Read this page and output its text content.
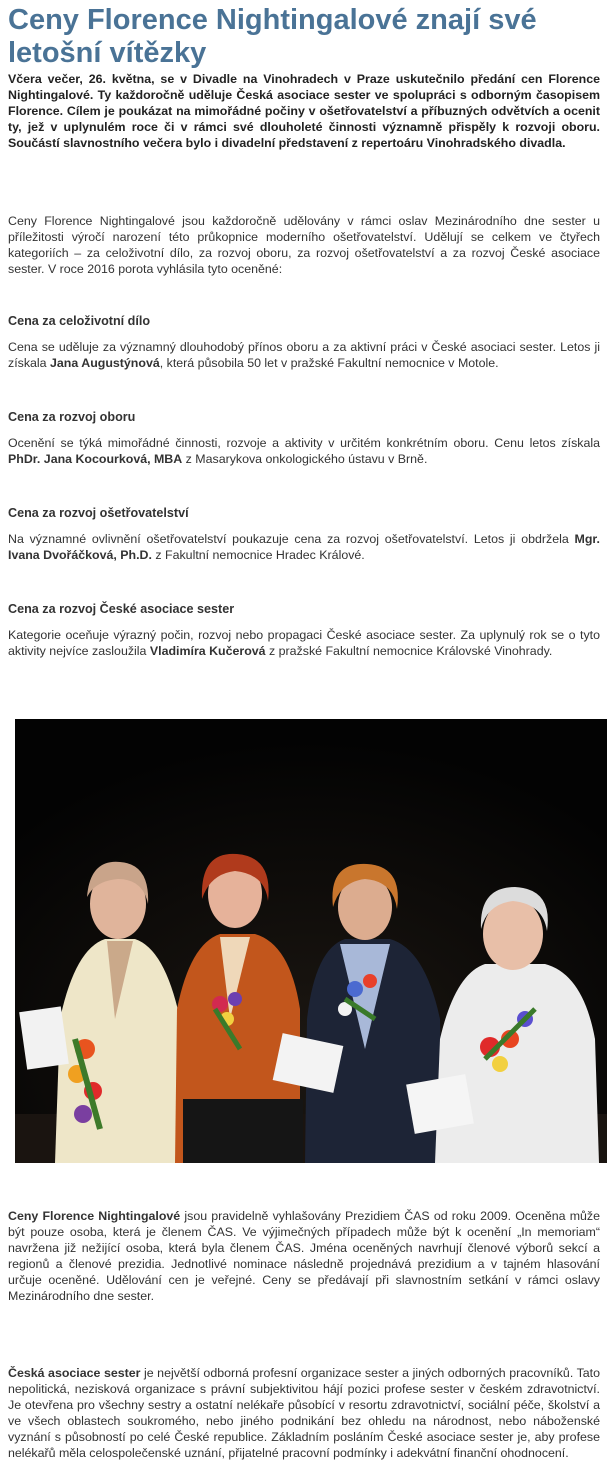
Ceny Florence Nightingalové znají své letošní vítězky

Včera večer, 26. května, se v Divadle na Vinohradech v Praze uskutečnilo předání cen Florence Nightingalové. Ty každoročně uděluje Česká asociace sester ve spolupráci s odborným časopisem Florence. Cílem je poukázat na mimořádné počiny v ošetřovatelství a příbuzných odvětvích a ocenit ty, jež v uplynulém roce či v rámci své dlouholeté činnosti významně přispěly k rozvoji oboru. Součástí slavnostního večera bylo i divadelní představení z repertoáru Vinohradského divadla.

Ceny Florence Nightingalové jsou každoročně udělovány v rámci oslav Mezinárodního dne sester u příležitosti výročí narození této průkopnice moderního ošetřovatelství. Udělují se celkem ve čtyřech kategoriích – za celoživotní dílo, za rozvoj oboru, za rozvoj ošetřovatelství a za rozvoj České asociace sester. V roce 2016 porota vyhlásila tyto oceněné:

Cena za celoživotní dílo

Cena se uděluje za významný dlouhodobý přínos oboru a za aktivní práci v České asociaci sester. Letos ji získala Jana Augustýnová, která působila 50 let v pražské Fakultní nemocnice v Motole.

Cena za rozvoj oboru

Ocenění se týká mimořádné činnosti, rozvoje a aktivity v určitém konkrétním oboru. Cenu letos získala PhDr. Jana Kocourková, MBA z Masarykova onkologického ústavu v Brně.

Cena za rozvoj ošetřovatelství

Na významné ovlivnění ošetřovatelství poukazuje cena za rozvoj ošetřovatelství. Letos ji obdržela Mgr. Ivana Dvořáčková, Ph.D. z Fakultní nemocnice Hradec Králové.

Cena za rozvoj České asociace sester

Kategorie oceňuje výrazný počin, rozvoj nebo propagaci České asociace sester. Za uplynulý rok se o tyto aktivity nejvíce zasloužila Vladimíra Kučerová z pražské Fakultní nemocnice Královské Vinohrady.

Ceny Florence Nightingalové jsou pravidelně vyhlašovány Prezidiem ČAS od roku 2009. Oceněna může být pouze osoba, která je členem ČAS. Ve výjimečných případech může být k ocenění „In memoriam“ navržena již nežijící osoba, která byla členem ČAS. Jména oceněných navrhují členové výborů sekcí a regionů a členové prezidia. Jednotlivé nominace následně projednává prezidium a v tajném hlasování určuje oceněné. Udělování cen je veřejné. Ceny se předávají při slavnostním setkání v rámci oslavy Mezinárodního dne sester.

Česká asociace sester je největší odborná profesní organizace sester a jiných odborných pracovníků. Tato nepolitická, nezisková organizace s právní subjektivitou hájí pozici profese sester v českém zdravotnictví. Je otevřena pro všechny sestry a ostatní nelékaře působící v resortu zdravotnictví, sociální péče, školství a ve všech oblastech soukromého, nebo jiného podnikání bez ohledu na národnost, nebo náboženské vyznání s působností po celé České republice. Základním posláním České asociace sester je, aby profese nelékařů měla celospolečenské uznání, přijatelné pracovní podmínky i adekvátní finanční ohodnocení.
